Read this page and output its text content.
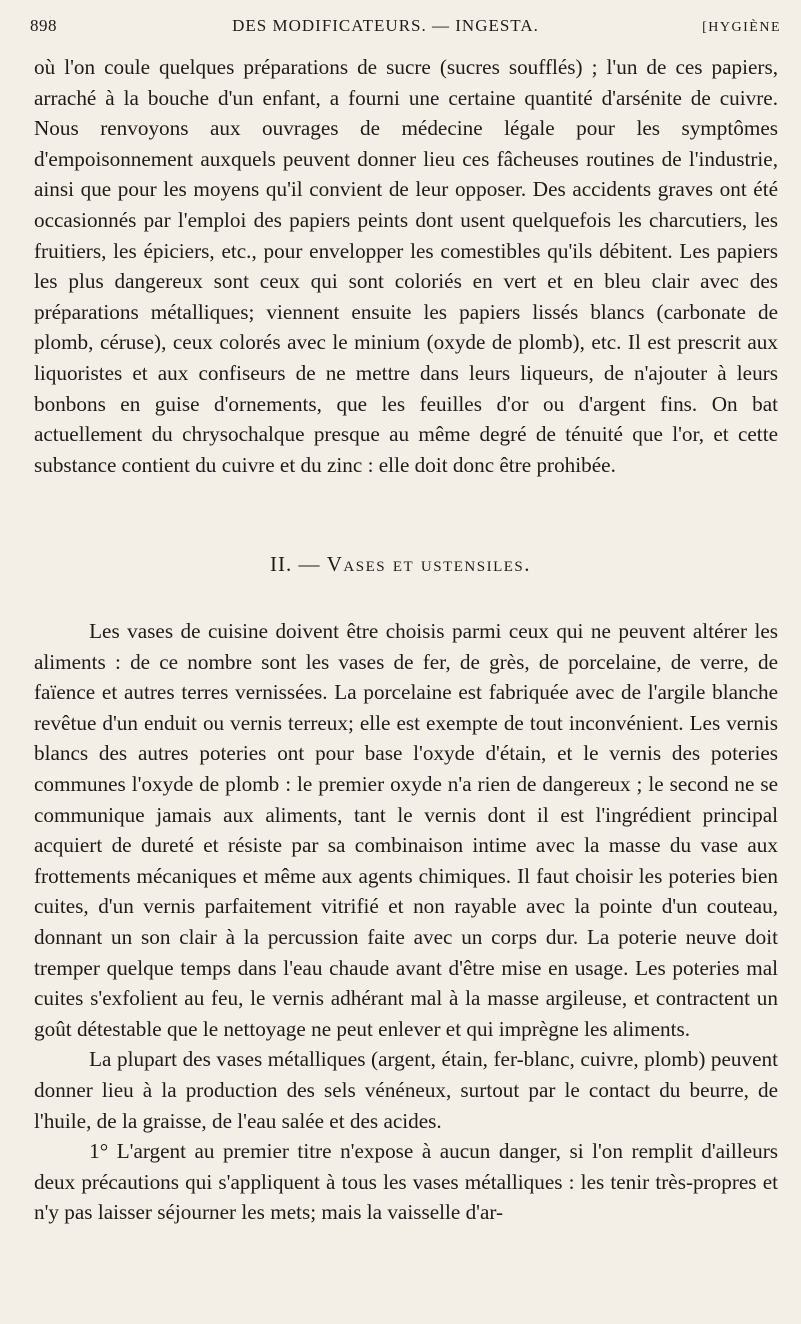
898	DES MODIFICATEURS. — INGESTA.	[HYGIÈNE

où l'on coule quelques préparations de sucre (sucres soufflés) ; l'un de ces papiers, arraché à la bouche d'un enfant, a fourni une certaine quantité d'arsénite de cuivre. Nous renvoyons aux ouvrages de médecine légale pour les symptômes d'empoisonnement auxquels peuvent donner lieu ces fâcheuses routines de l'industrie, ainsi que pour les moyens qu'il convient de leur opposer. Des accidents graves ont été occasionnés par l'emploi des papiers peints dont usent quelquefois les charcutiers, les fruitiers, les épiciers, etc., pour envelopper les comestibles qu'ils débitent. Les papiers les plus dangereux sont ceux qui sont coloriés en vert et en bleu clair avec des préparations métalliques; viennent ensuite les papiers lissés blancs (carbonate de plomb, céruse), ceux colorés avec le minium (oxyde de plomb), etc. Il est prescrit aux liquoristes et aux confiseurs de ne mettre dans leurs liqueurs, de n'ajouter à leurs bonbons en guise d'ornements, que les feuilles d'or ou d'argent fins. On bat actuellement du chrysochalque presque au même degré de ténuité que l'or, et cette substance contient du cuivre et du zinc : elle doit donc être prohibée.

II. — Vases et ustensiles.

Les vases de cuisine doivent être choisis parmi ceux qui ne peuvent altérer les aliments : de ce nombre sont les vases de fer, de grès, de porcelaine, de verre, de faïence et autres terres vernissées. La porcelaine est fabriquée avec de l'argile blanche revêtue d'un enduit ou vernis terreux; elle est exempte de tout inconvénient. Les vernis blancs des autres poteries ont pour base l'oxyde d'étain, et le vernis des poteries communes l'oxyde de plomb : le premier oxyde n'a rien de dangereux ; le second ne se communique jamais aux aliments, tant le vernis dont il est l'ingrédient principal acquiert de dureté et résiste par sa combinaison intime avec la masse du vase aux frottements mécaniques et même aux agents chimiques. Il faut choisir les poteries bien cuites, d'un vernis parfaitement vitrifié et non rayable avec la pointe d'un couteau, donnant un son clair à la percussion faite avec un corps dur. La poterie neuve doit tremper quelque temps dans l'eau chaude avant d'être mise en usage. Les poteries mal cuites s'exfolient au feu, le vernis adhérant mal à la masse argileuse, et contractent un goût détestable que le nettoyage ne peut enlever et qui imprègne les aliments.

La plupart des vases métalliques (argent, étain, fer-blanc, cuivre, plomb) peuvent donner lieu à la production des sels vénéneux, surtout par le contact du beurre, de l'huile, de la graisse, de l'eau salée et des acides.

1° L'argent au premier titre n'expose à aucun danger, si l'on remplit d'ailleurs deux précautions qui s'appliquent à tous les vases métalliques : les tenir très-propres et n'y pas laisser séjourner les mets; mais la vaisselle d'ar-
